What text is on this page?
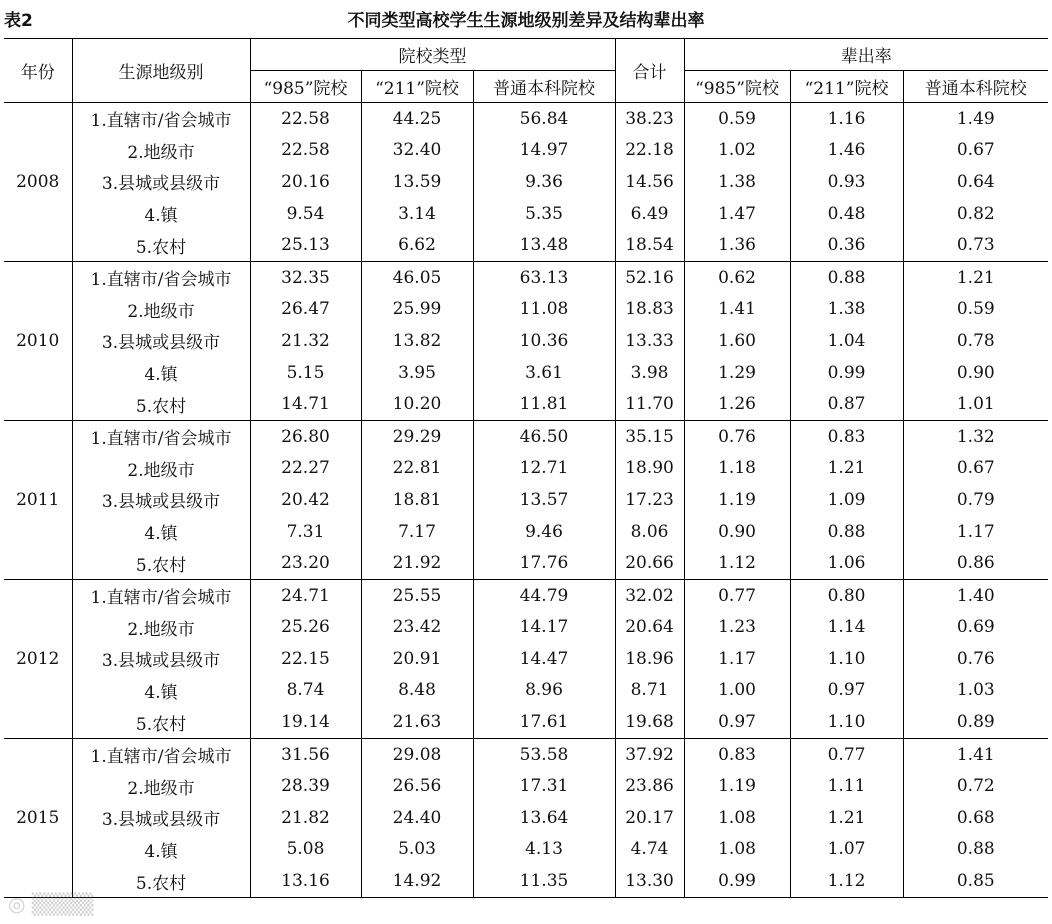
表2	不同类型高校学生生源地级别差异及结构辈出率
年份	生源地级别	院校类型			合计	辈出率		
		“985”院校	“211”院校	普通本科院校		“985”院校	“211”院校	普通本科院校
2008	1.直辖市/省会城市	22.58	44.25	56.84	38.23	0.59	1.16	1.49
	2.地级市	22.58	32.40	14.97	22.18	1.02	1.46	0.67
	3.县城或县级市	20.16	13.59	9.36	14.56	1.38	0.93	0.64
	4.镇	9.54	3.14	5.35	6.49	1.47	0.48	0.82
	5.农村	25.13	6.62	13.48	18.54	1.36	0.36	0.73
2010	1.直辖市/省会城市	32.35	46.05	63.13	52.16	0.62	0.88	1.21
	2.地级市	26.47	25.99	11.08	18.83	1.41	1.38	0.59
	3.县城或县级市	21.32	13.82	10.36	13.33	1.60	1.04	0.78
	4.镇	5.15	3.95	3.61	3.98	1.29	0.99	0.90
	5.农村	14.71	10.20	11.81	11.70	1.26	0.87	1.01
2011	1.直辖市/省会城市	26.80	29.29	46.50	35.15	0.76	0.83	1.32
	2.地级市	22.27	22.81	12.71	18.90	1.18	1.21	0.67
	3.县城或县级市	20.42	18.81	13.57	17.23	1.19	1.09	0.79
	4.镇	7.31	7.17	9.46	8.06	0.90	0.88	1.17
	5.农村	23.20	21.92	17.76	20.66	1.12	1.06	0.86
2012	1.直辖市/省会城市	24.71	25.55	44.79	32.02	0.77	0.80	1.40
	2.地级市	25.26	23.42	14.17	20.64	1.23	1.14	0.69
	3.县城或县级市	22.15	20.91	14.47	18.96	1.17	1.10	0.76
	4.镇	8.74	8.48	8.96	8.71	1.00	0.97	1.03
	5.农村	19.14	21.63	17.61	19.68	0.97	1.10	0.89
2015	1.直辖市/省会城市	31.56	29.08	53.58	37.92	0.83	0.77	1.41
	2.地级市	28.39	26.56	17.31	23.86	1.19	1.11	0.72
	3.县城或县级市	21.82	24.40	13.64	20.17	1.08	1.21	0.68
	4.镇	5.08	5.03	4.13	4.74	1.08	1.07	0.88
	5.农村	13.16	14.92	11.35	13.30	0.99	1.12	0.85
◎ ▒▒▒▒
